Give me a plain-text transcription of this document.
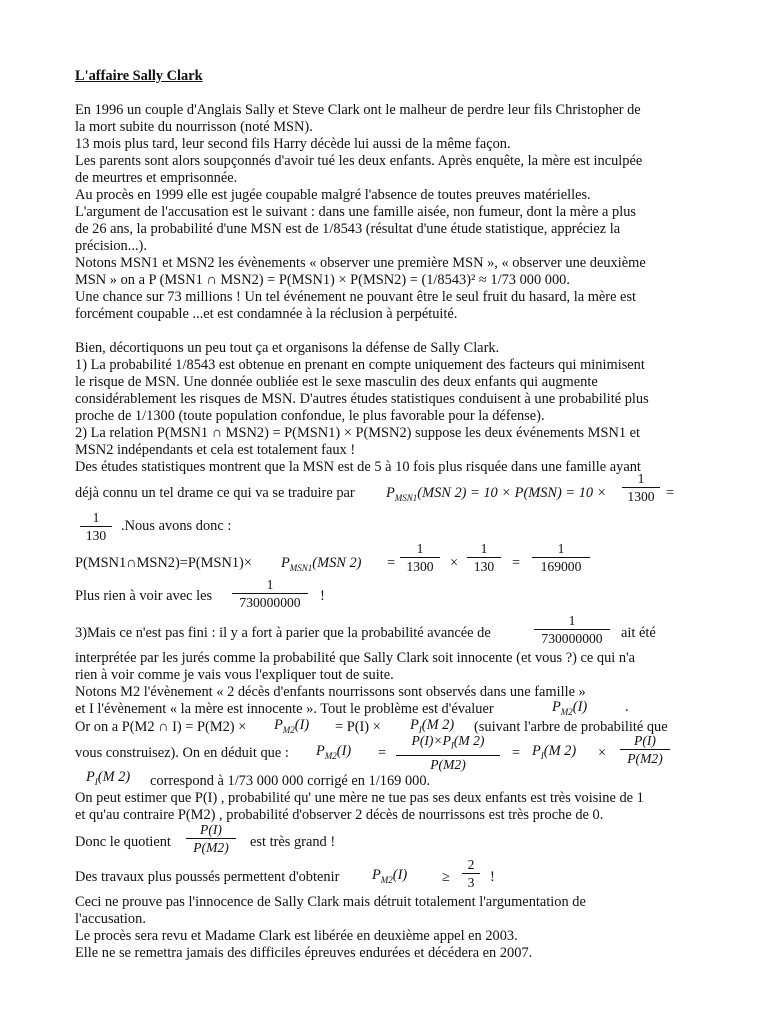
L'affaire Sally Clark
En 1996 un couple d'Anglais Sally et Steve Clark ont le malheur de perdre leur fils Christopher de
la mort subite du nourrisson (noté MSN).
13 mois plus tard, leur second fils Harry décède lui aussi de la même façon.
Les parents sont alors soupçonnés d'avoir tué les deux enfants. Après enquête, la mère est inculpée
de meurtres et emprisonnée.
Au procès en 1999 elle est jugée coupable malgré l'absence de toutes preuves matérielles.
L'argument de l'accusation est le suivant : dans une famille aisée, non fumeur, dont la mère a plus
de 26 ans, la probabilité d'une MSN est de 1/8543 (résultat d'une étude statistique, appréciez la
précision...).
Notons MSN1 et MSN2 les évènements « observer une première MSN », « observer une deuxième
MSN » on a P (MSN1 ∩ MSN2) = P(MSN1) × P(MSN2) = (1/8543)² ≈ 1/73 000 000.
Une chance sur 73 millions ! Un tel événement ne pouvant être le seul fruit du hasard, la mère est
forcément coupable ...et est condamnée à la réclusion à perpétuité.
Bien, décortiquons un peu tout ça et organisons la défense de Sally Clark.
1) La probabilité 1/8543 est obtenue en prenant en compte uniquement des facteurs qui minimisent
le risque de MSN. Une donnée oubliée est le sexe masculin des deux enfants qui augmente
considérablement les risques de MSN. D'autres études statistiques conduisent à une probabilité plus
proche de 1/1300 (toute population confondue, le plus favorable pour la défense).
2) La relation P(MSN1 ∩ MSN2) = P(MSN1) × P(MSN2) suppose les deux événements MSN1 et
MSN2 indépendants et cela est totalement faux !
Des études statistiques montrent que la MSN est de 5 à 10 fois plus risquée dans une famille ayant
déjà connu un tel drame ce qui va se traduire par $P_{MSN1}(MSN$ 2) = 10 × P(MSN) = 10 ×
1
1300 =
1
130
.Nous avons donc :
P(MSN1∩MSN2)=P(MSN1)× $P_{MSN1}(MSN$ 2) =
1
1300	×
1
130	=
1
169000
Plus rien à voir avec les
1
730000000	!
3)Mais ce n'est pas fini : il y a fort à parier que la probabilité avancée de
1
730000000	ait été
interprétée par les jurés comme la probabilité que Sally Clark soit innocente (et vous ?) ce qui n'a
rien à voir comme je vais vous l'expliquer tout de suite.
Notons M2 l'évènement « 2 décès d'enfants nourrissons sont observés dans une famille »
et I l'évènement « la mère est innocente ». Tout le problème est d'évaluer	$P_{M2}(I)$	.
Or on a P(M2 ∩ $I) = P(M2) \times P_{M2}(I) = P(I) \times P_I(M$ 2) (suivant l'arbre de probabilité que
vous construisez). On en déduit que : $P_{M2}(I)$ =
$P(I)\times P_I(M$ 2)
P(M2)
= $P_I(M$ 2) ×
P(I)
P(M2)
$P_I(M$ 2) correspond à 1/73 000 000 corrigé en 1/169 000.
On peut estimer que P(I) , probabilité qu' une mère ne tue pas ses deux enfants est très voisine de 1
et qu'au contraire P(M2) , probabilité d'observer 2 décès de nourrissons est très proche de 0.
Donc le quotient
P(I)
P(M2)	est très grand !
Des travaux plus poussés permettent d'obtenir $P_{M2}(I)$ ≥
2
3	!
Ceci ne prouve pas l'innocence de Sally Clark mais détruit totalement l'argumentation de
l'accusation.
Le procès sera revu et Madame Clark est libérée en deuxième appel en 2003.
Elle ne se remettra jamais des difficiles épreuves endurées et décédera en 2007.
